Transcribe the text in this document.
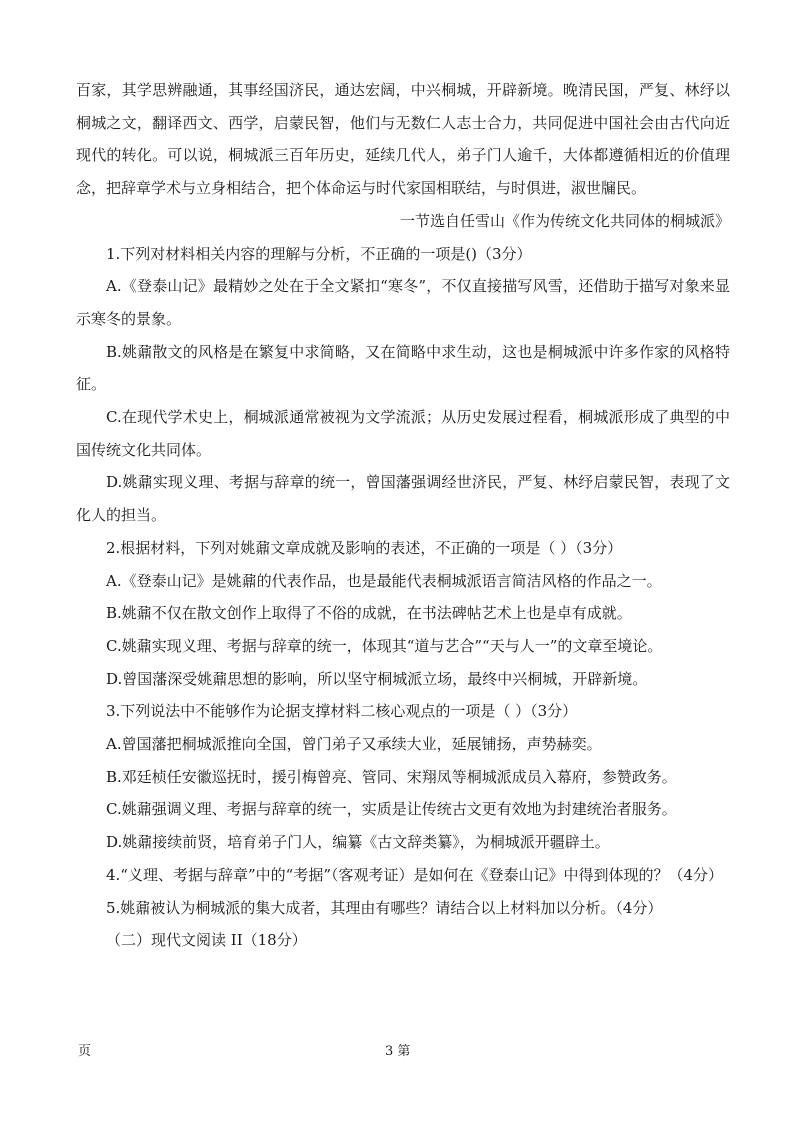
百家，其学思辨融通，其事经国济民，通达宏阔，中兴桐城，开辟新境。晚清民国，严复、林纾以桐城之文，翻译西文、西学，启蒙民智，他们与无数仁人志士合力，共同促进中国社会由古代向近现代的转化。可以说，桐城派三百年历史，延续几代人，弟子门人逾千，大体都遵循相近的价值理念，把辞章学术与立身相结合，把个体命运与时代家国相联结，与时俱进，淑世牖民。

一节选自任雪山《作为传统文化共同体的桐城派》

1.下列对材料相关内容的理解与分析，不正确的一项是()（3分）

A.《登泰山记》最精妙之处在于全文紧扣“寒冬”，不仅直接描写风雪，还借助于描写对象来显示寒冬的景象。

B.姚鼐散文的风格是在繁复中求简略，又在简略中求生动，这也是桐城派中许多作家的风格特征。

C.在现代学术史上，桐城派通常被视为文学流派；从历史发展过程看，桐城派形成了典型的中国传统文化共同体。

D.姚鼐实现义理、考据与辞章的统一，曾国藩强调经世济民，严复、林纾启蒙民智，表现了文化人的担当。

2.根据材料，下列对姚鼐文章成就及影响的表述，不正确的一项是（ ）（3分）

A.《登泰山记》是姚鼐的代表作品，也是最能代表桐城派语言简洁风格的作品之一。

B.姚鼐不仅在散文创作上取得了不俗的成就，在书法碑帖艺术上也是卓有成就。

C.姚鼐实现义理、考据与辞章的统一，体现其“道与艺合”“天与人一”的文章至境论。

D.曾国藩深受姚鼐思想的影响，所以坚守桐城派立场，最终中兴桐城，开辟新境。

3.下列说法中不能够作为论据支撑材料二核心观点的一项是（ ）（3分）

A.曾国藩把桐城派推向全国，曾门弟子又承续大业，延展铺扬，声势赫奕。

B.邓廷桢任安徽巡抚时，援引梅曾亮、管同、宋翔凤等桐城派成员入幕府，参赞政务。

C.姚鼐强调义理、考据与辞章的统一，实质是让传统古文更有效地为封建统治者服务。

D.姚鼐接续前贤，培育弟子门人，编纂《古文辞类纂》，为桐城派开疆辟土。

4.“义理、考据与辞章”中的“考据”（客观考证）是如何在《登泰山记》中得到体现的？（4分）

5.姚鼐被认为桐城派的集大成者，其理由有哪些？请结合以上材料加以分析。（4分）

（二）现代文阅读 II（18分）

页	3 第
